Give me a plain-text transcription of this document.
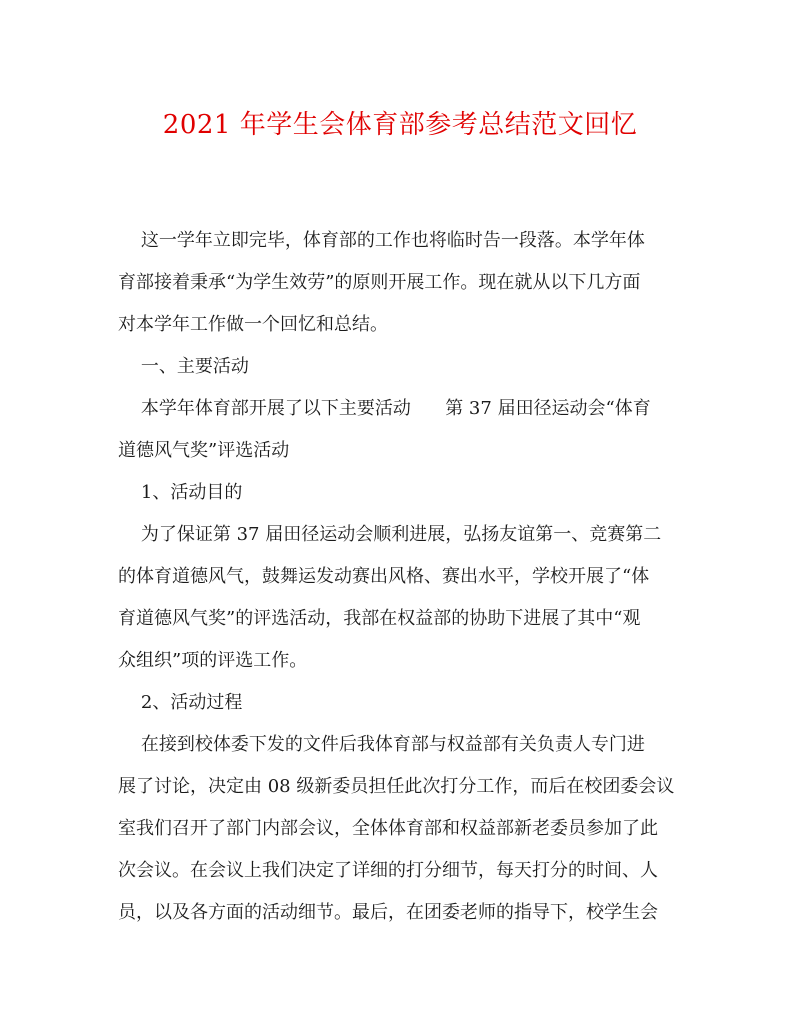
2021 年学生会体育部参考总结范文回忆
这一学年立即完毕，体育部的工作也将临时告一段落。本学年体
育部接着秉承“为学生效劳”的原则开展工作。现在就从以下几方面
对本学年工作做一个回忆和总结。
一、主要活动
本学年体育部开展了以下主要活动      第 37 届田径运动会“体育
道德风气奖”评选活动
1、活动目的
为了保证第 37 届田径运动会顺利进展，弘扬友谊第一、竞赛第二
的体育道德风气，鼓舞运发动赛出风格、赛出水平，学校开展了“体
育道德风气奖”的评选活动，我部在权益部的协助下进展了其中“观
众组织”项的评选工作。
2、活动过程
在接到校体委下发的文件后我体育部与权益部有关负责人专门进
展了讨论，决定由 08 级新委员担任此次打分工作，而后在校团委会议
室我们召开了部门内部会议，全体体育部和权益部新老委员参加了此
次会议。在会议上我们决定了详细的打分细节，每天打分的时间、人
员，以及各方面的活动细节。最后，在团委老师的指导下，校学生会
